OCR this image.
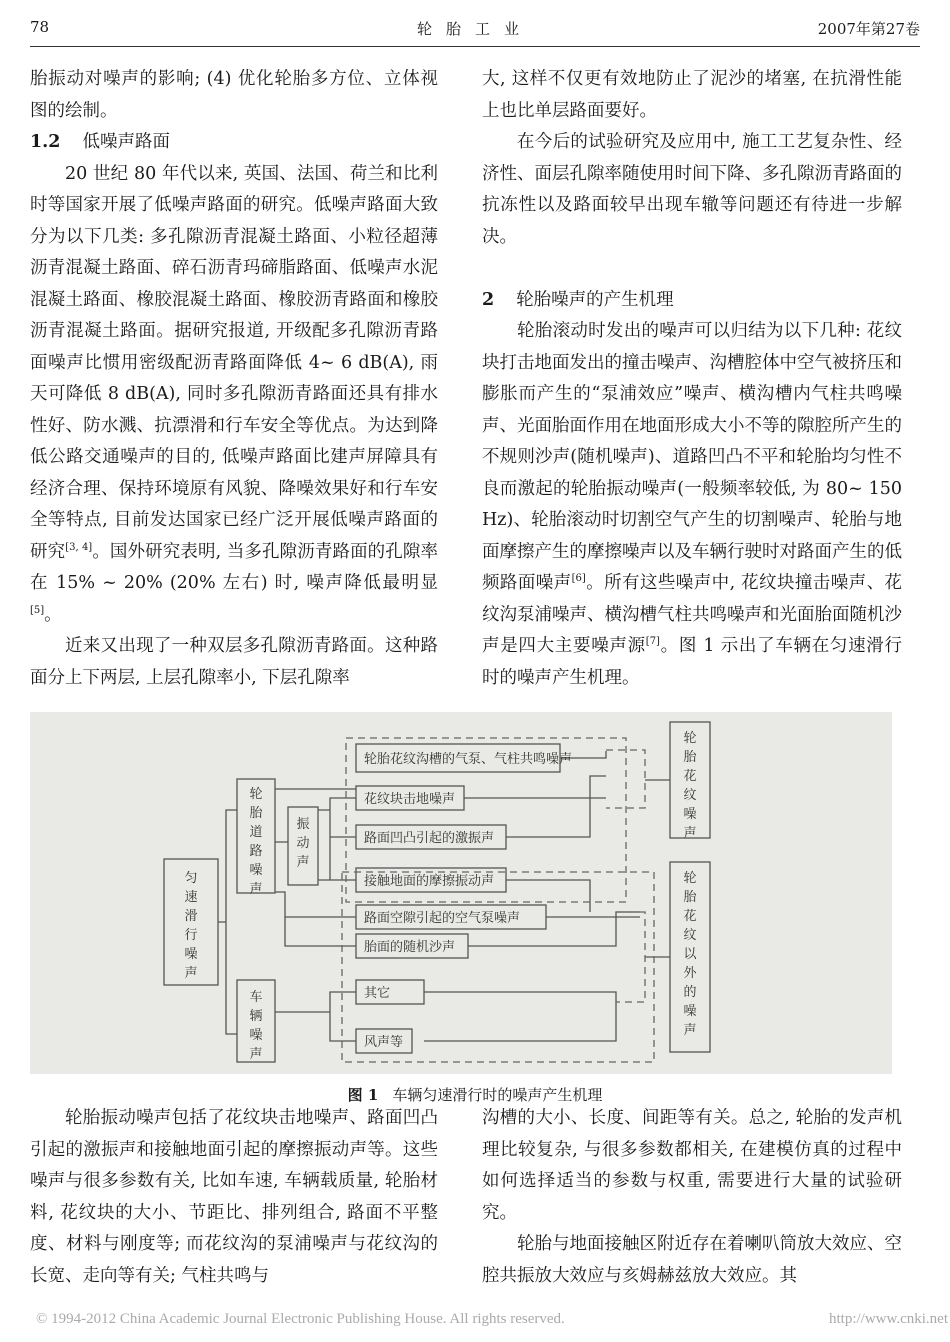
78	轮胎工业	2007年第27卷

胎振动对噪声的影响; (4) 优化轮胎多方位、立体视图的绘制。

1.2 低噪声路面

20 世纪 80 年代以来, 英国、法国、荷兰和比利时等国家开展了低噪声路面的研究。低噪声路面大致分为以下几类: 多孔隙沥青混凝土路面、小粒径超薄沥青混凝土路面、碎石沥青玛碲脂路面、低噪声水泥混凝土路面、橡胶混凝土路面、橡胶沥青路面和橡胶沥青混凝土路面。据研究报道, 开级配多孔隙沥青路面噪声比惯用密级配沥青路面降低 4~ 6 dB(A), 雨天可降低 8 dB(A), 同时多孔隙沥青路面还具有排水性好、防水溅、抗漂滑和行车安全等优点。为达到降低公路交通噪声的目的, 低噪声路面比建声屏障具有经济合理、保持环境原有风貌、降噪效果好和行车安全等特点, 目前发达国家已经广泛开展低噪声路面的研究[3, 4]。国外研究表明, 当多孔隙沥青路面的孔隙率在 15% ~ 20% (20% 左右) 时, 噪声降低最明显[5]。

近来又出现了一种双层多孔隙沥青路面。这种路面分上下两层, 上层孔隙率小, 下层孔隙率

大, 这样不仅更有效地防止了泥沙的堵塞, 在抗滑性能上也比单层路面要好。

在今后的试验研究及应用中, 施工工艺复杂性、经济性、面层孔隙率随使用时间下降、多孔隙沥青路面的抗冻性以及路面较早出现车辙等问题还有待进一步解决。

2 轮胎噪声的产生机理

轮胎滚动时发出的噪声可以归结为以下几种: 花纹块打击地面发出的撞击噪声、沟槽腔体中空气被挤压和膨胀而产生的“泵浦效应”噪声、横沟槽内气柱共鸣噪声、光面胎面作用在地面形成大小不等的隙腔所产生的不规则沙声(随机噪声)、道路凹凸不平和轮胎均匀性不良而激起的轮胎振动噪声(一般频率较低, 为 80~ 150 Hz)、轮胎滚动时切割空气产生的切割噪声、轮胎与地面摩擦产生的摩擦噪声以及车辆行驶时对路面产生的低频路面噪声[6]。所有这些噪声中, 花纹块撞击噪声、花纹沟泵浦噪声、横沟槽气柱共鸣噪声和光面胎面随机沙声是四大主要噪声源[7]。图 1 示出了车辆在匀速滑行时的噪声产生机理。

匀
速
滑
行
噪
声
轮
胎
道
路
噪
声
振
动
声
车
辆
噪
声
轮
胎
花
纹
噪
声
轮
胎
花
纹
以
外
的
噪
声
轮胎花纹沟槽的气泵、气柱共鸣噪声
花纹块击地噪声
路面凹凸引起的激振声
接触地面的摩擦振动声
路面空隙引起的空气泵噪声
胎面的随机沙声
其它
风声等
图 1 车辆匀速滑行时的噪声产生机理

轮胎振动噪声包括了花纹块击地噪声、路面凹凸引起的激振声和接触地面引起的摩擦振动声等。这些噪声与很多参数有关, 比如车速, 车辆载质量, 轮胎材料, 花纹块的大小、节距比、排列组合, 路面不平整度、材料与刚度等; 而花纹沟的泵浦噪声与花纹沟的长宽、走向等有关; 气柱共鸣与

沟槽的大小、长度、间距等有关。总之, 轮胎的发声机理比较复杂, 与很多参数都相关, 在建模仿真的过程中如何选择适当的参数与权重, 需要进行大量的试验研究。

轮胎与地面接触区附近存在着喇叭筒放大效应、空腔共振放大效应与亥姆赫兹放大效应。其

© 1994-2012 China Academic Journal Electronic Publishing House. All rights reserved.	http://www.cnki.net
